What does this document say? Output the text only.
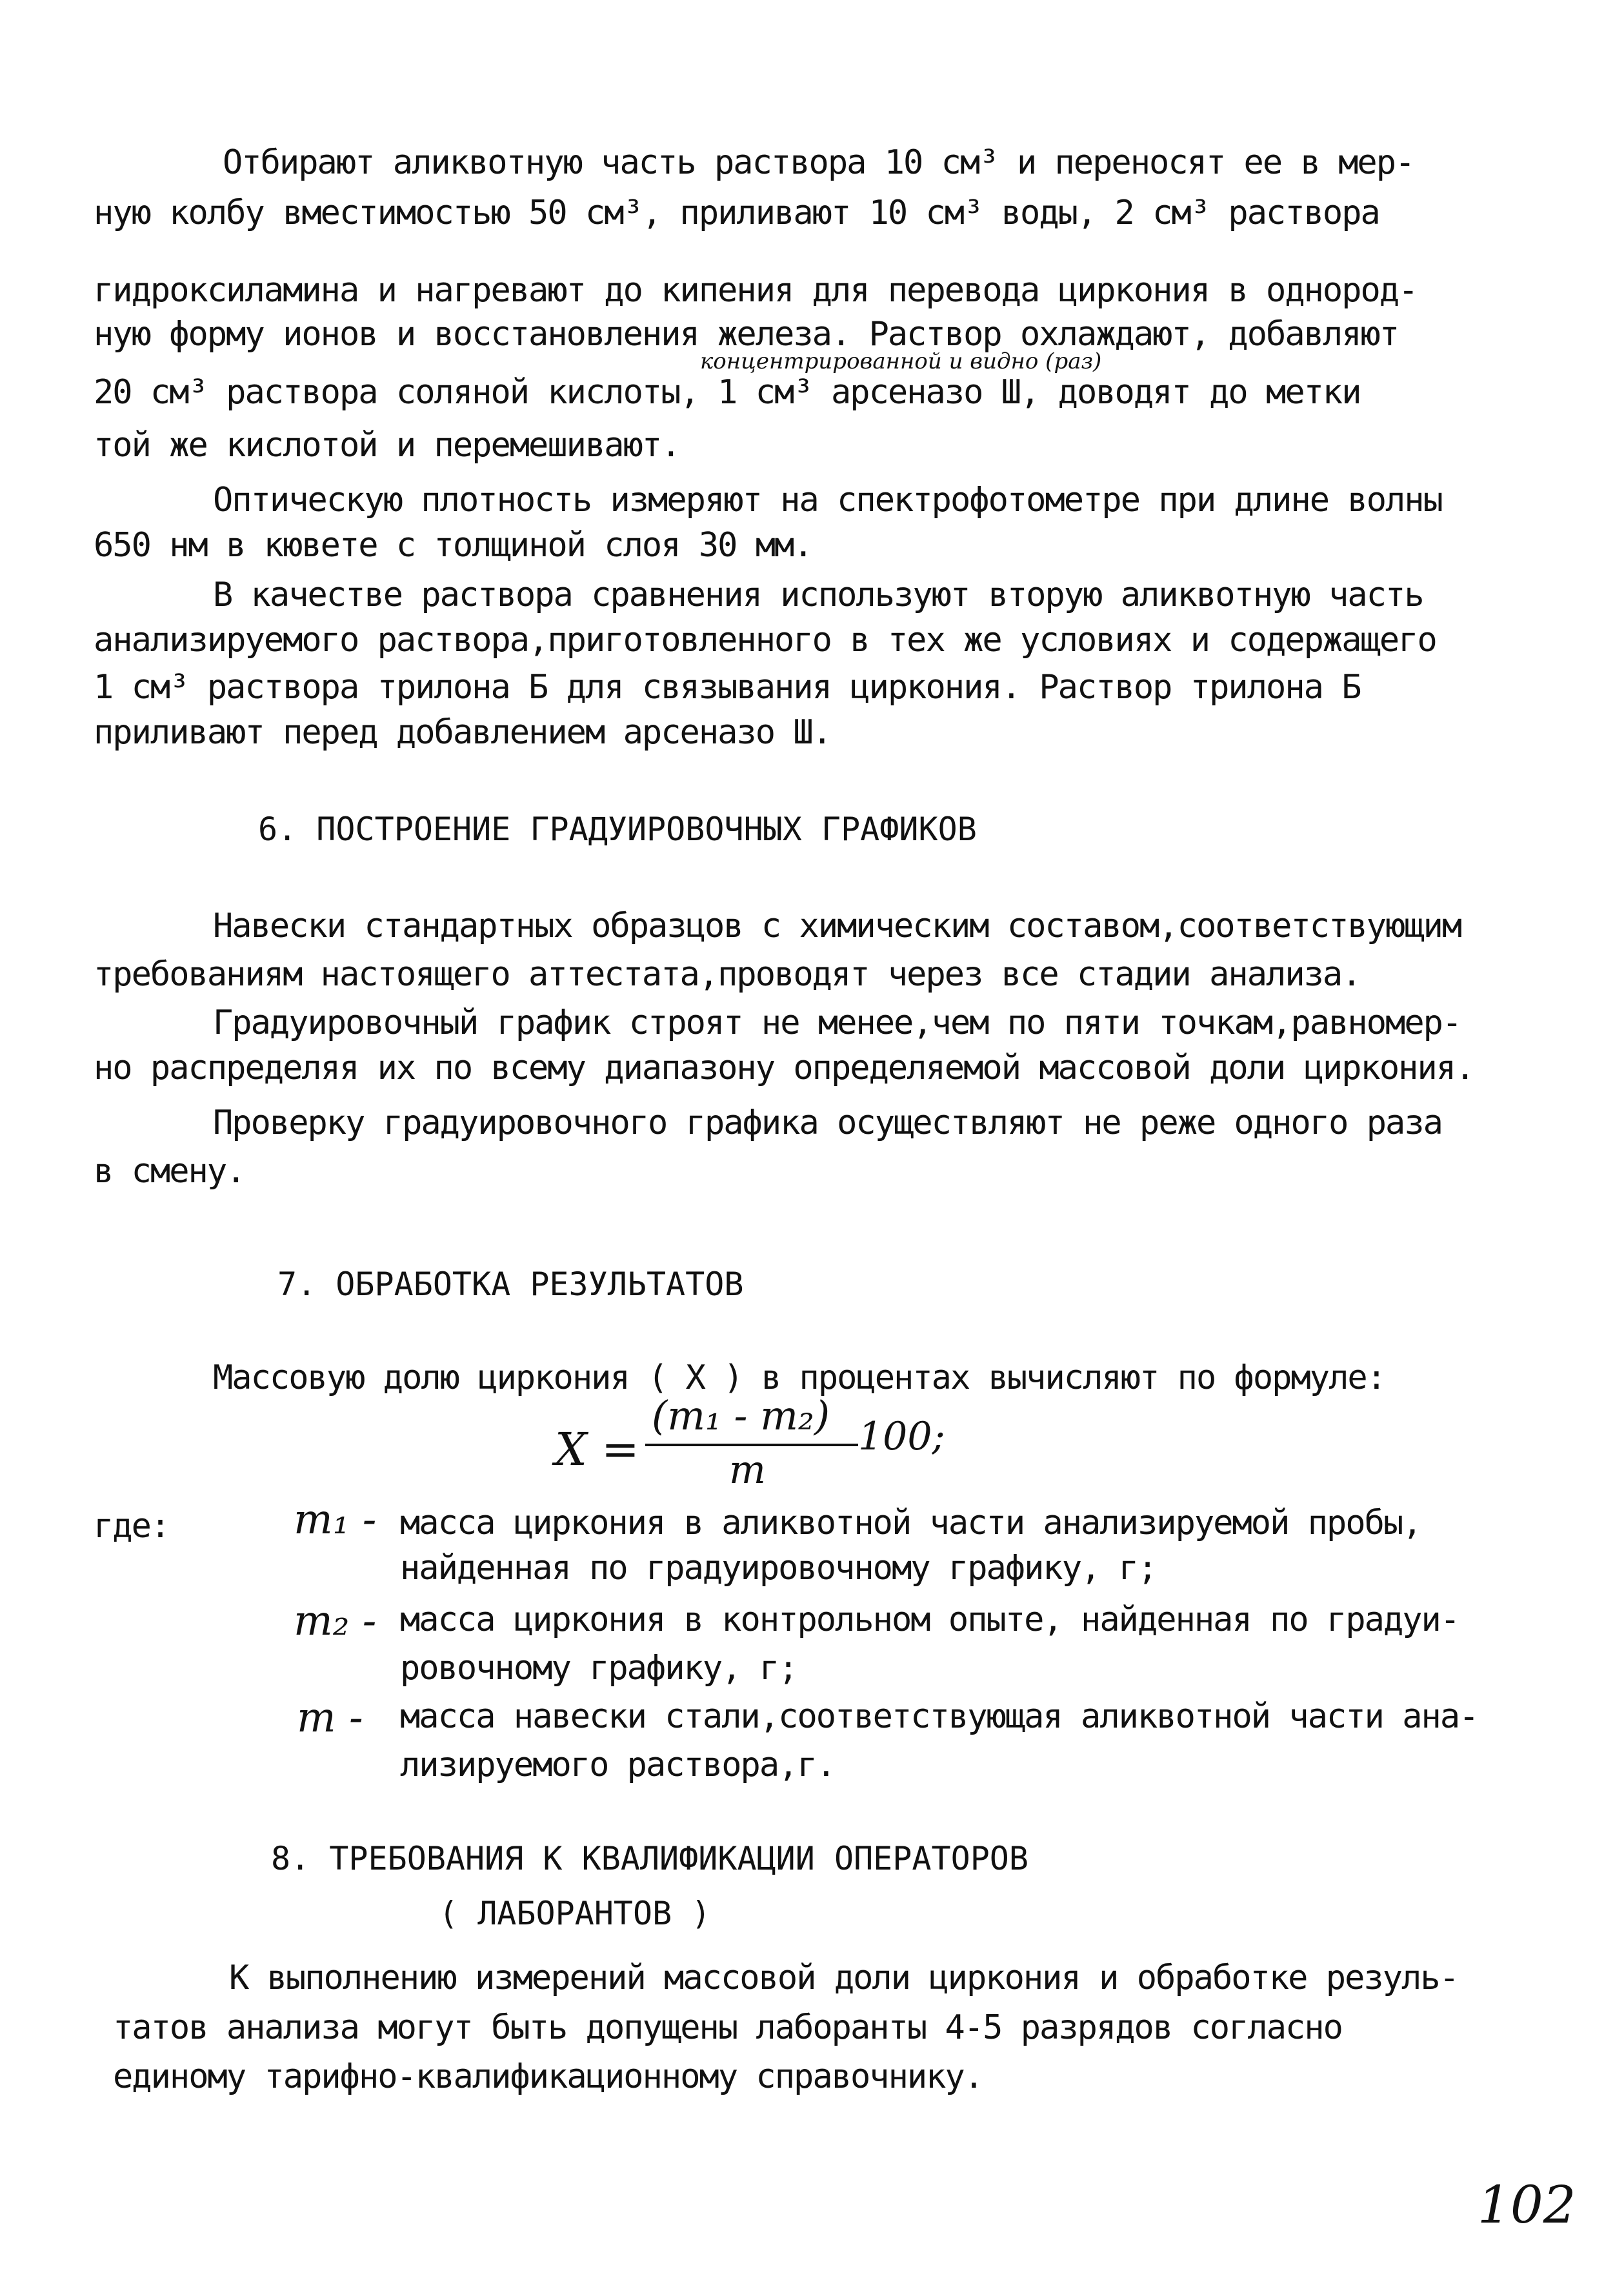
Отбирают аликвотную часть раствора 10 см³ и переносят ее в мер-
ную колбу вместимостью 50 см³, приливают 10 см³ воды, 2 см³ раствора
гидроксиламина и нагревают до кипения для перевода циркония в однород-
ную форму ионов и восстановления железа. Раствор охлаждают, добавляют
концентрированной и видно (раз)
20 см³ раствора соляной кислоты, 1 см³ арсеназо Ш, доводят до метки
той же кислотой и перемешивают.
Оптическую плотность измеряют на спектрофотометре при длине волны
650 нм в кювете с толщиной слоя 30 мм.
В качестве раствора сравнения используют вторую аликвотную часть
анализируемого раствора,приготовленного в тех же условиях и содержащего
1 см³ раствора трилона Б для связывания циркония. Раствор трилона Б
приливают перед добавлением арсеназо Ш.
6. ПОСТРОЕНИЕ ГРАДУИРОВОЧНЫХ ГРАФИКОВ
Навески стандартных образцов с химическим составом,соответствующим
требованиям настоящего аттестата,проводят через все стадии анализа.
Градуировочный график строят не менее,чем по пяти точкам,равномер-
но распределяя их по всему диапазону определяемой массовой доли циркония.
Проверку градуировочного графика осуществляют не реже одного раза
в смену.
7. ОБРАБОТКА РЕЗУЛЬТАТОВ
Массовую долю циркония ( Х ) в процентах вычисляют по формуле:
X =
(m₁ - m₂)
m
100;
где:	m₁ - масса циркония в аликвотной части анализируемой пробы,
найденная по градуировочному графику, г;
m₂ - масса циркония в контрольном опыте, найденная по градуи-
ровочному графику, г;
m - масса навески стали,соответствующая аликвотной части ана-
лизируемого раствора,г.
8. ТРЕБОВАНИЯ К КВАЛИФИКАЦИИ ОПЕРАТОРОВ
( ЛАБОРАНТОВ )
К выполнению измерений массовой доли циркония и обработке резуль-
татов анализа могут быть допущены лаборанты 4-5 разрядов согласно
единому тарифно-квалификационному справочнику.
102
